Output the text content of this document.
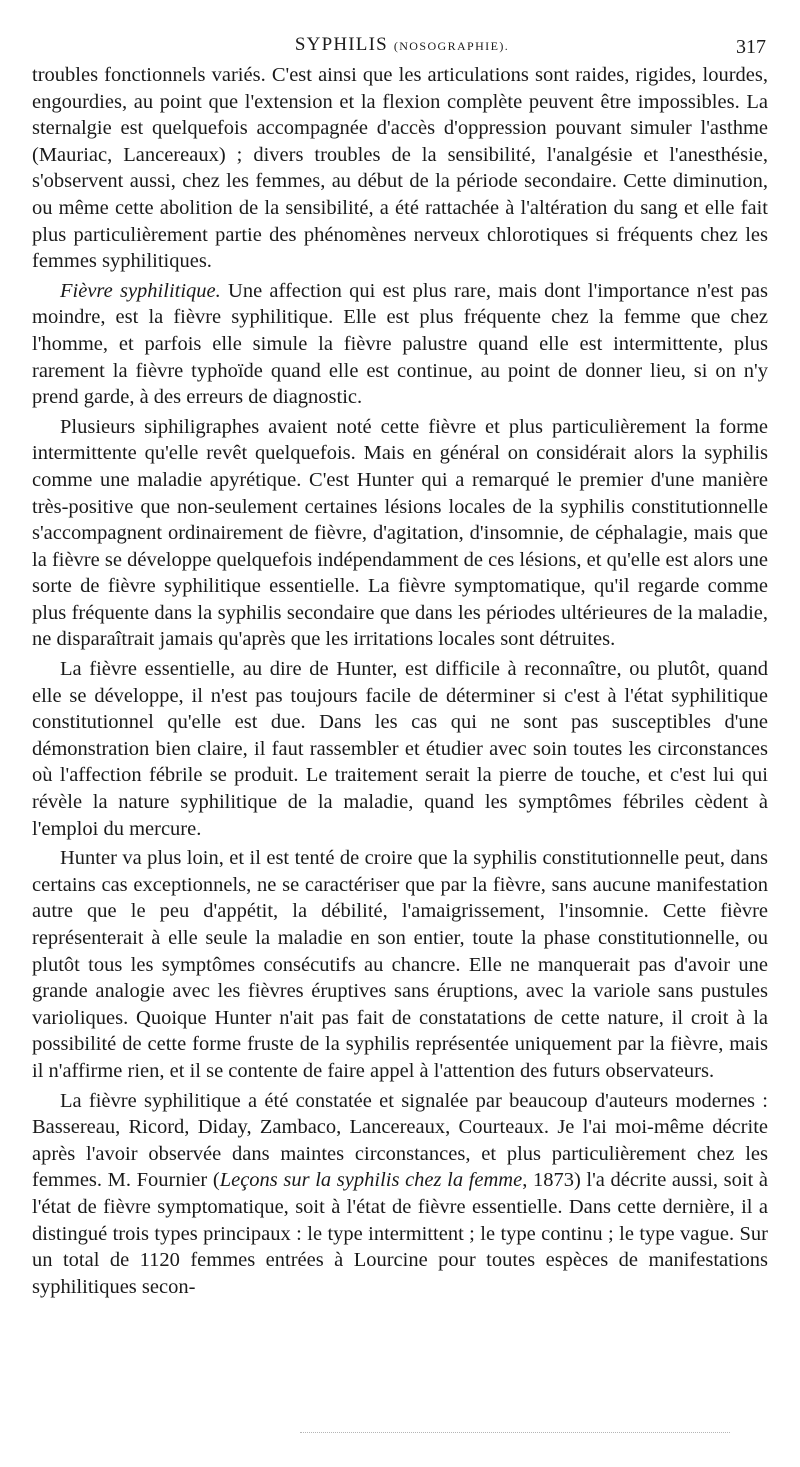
SYPHILIS (NOSOGRAPHIE).	317

troubles fonctionnels variés. C'est ainsi que les articulations sont raides, rigides, lourdes, engourdies, au point que l'extension et la flexion complète peuvent être impossibles. La sternalgie est quelquefois accompagnée d'accès d'oppression pouvant simuler l'asthme (Mauriac, Lancereaux) ; divers troubles de la sensibilité, l'analgésie et l'anesthésie, s'observent aussi, chez les femmes, au début de la période secondaire. Cette diminution, ou même cette abolition de la sensibilité, a été rattachée à l'altération du sang et elle fait plus particulièrement partie des phénomènes nerveux chlorotiques si fréquents chez les femmes syphilitiques.

Fièvre syphilitique. Une affection qui est plus rare, mais dont l'importance n'est pas moindre, est la fièvre syphilitique. Elle est plus fréquente chez la femme que chez l'homme, et parfois elle simule la fièvre palustre quand elle est intermittente, plus rarement la fièvre typhoïde quand elle est continue, au point de donner lieu, si on n'y prend garde, à des erreurs de diagnostic.

Plusieurs siphiligraphes avaient noté cette fièvre et plus particulièrement la forme intermittente qu'elle revêt quelquefois. Mais en général on considérait alors la syphilis comme une maladie apyrétique. C'est Hunter qui a remarqué le premier d'une manière très-positive que non-seulement certaines lésions locales de la syphilis constitutionnelle s'accompagnent ordinairement de fièvre, d'agitation, d'insomnie, de céphalagie, mais que la fièvre se développe quelquefois indépendamment de ces lésions, et qu'elle est alors une sorte de fièvre syphilitique essentielle. La fièvre symptomatique, qu'il regarde comme plus fréquente dans la syphilis secondaire que dans les périodes ultérieures de la maladie, ne disparaîtrait jamais qu'après que les irritations locales sont détruites.

La fièvre essentielle, au dire de Hunter, est difficile à reconnaître, ou plutôt, quand elle se développe, il n'est pas toujours facile de déterminer si c'est à l'état syphilitique constitutionnel qu'elle est due. Dans les cas qui ne sont pas susceptibles d'une démonstration bien claire, il faut rassembler et étudier avec soin toutes les circonstances où l'affection fébrile se produit. Le traitement serait la pierre de touche, et c'est lui qui révèle la nature syphilitique de la maladie, quand les symptômes fébriles cèdent à l'emploi du mercure.

Hunter va plus loin, et il est tenté de croire que la syphilis constitutionnelle peut, dans certains cas exceptionnels, ne se caractériser que par la fièvre, sans aucune manifestation autre que le peu d'appétit, la débilité, l'amaigrissement, l'insomnie. Cette fièvre représenterait à elle seule la maladie en son entier, toute la phase constitutionnelle, ou plutôt tous les symptômes consécutifs au chancre. Elle ne manquerait pas d'avoir une grande analogie avec les fièvres éruptives sans éruptions, avec la variole sans pustules varioliques. Quoique Hunter n'ait pas fait de constatations de cette nature, il croit à la possibilité de cette forme fruste de la syphilis représentée uniquement par la fièvre, mais il n'affirme rien, et il se contente de faire appel à l'attention des futurs observateurs.

La fièvre syphilitique a été constatée et signalée par beaucoup d'auteurs modernes : Bassereau, Ricord, Diday, Zambaco, Lancereaux, Courteaux. Je l'ai moi-même décrite après l'avoir observée dans maintes circonstances, et plus particulièrement chez les femmes. M. Fournier (Leçons sur la syphilis chez la femme, 1873) l'a décrite aussi, soit à l'état de fièvre symptomatique, soit à l'état de fièvre essentielle. Dans cette dernière, il a distingué trois types principaux : le type intermittent ; le type continu ; le type vague. Sur un total de 1120 femmes entrées à Lourcine pour toutes espèces de manifestations syphilitiques secon-
